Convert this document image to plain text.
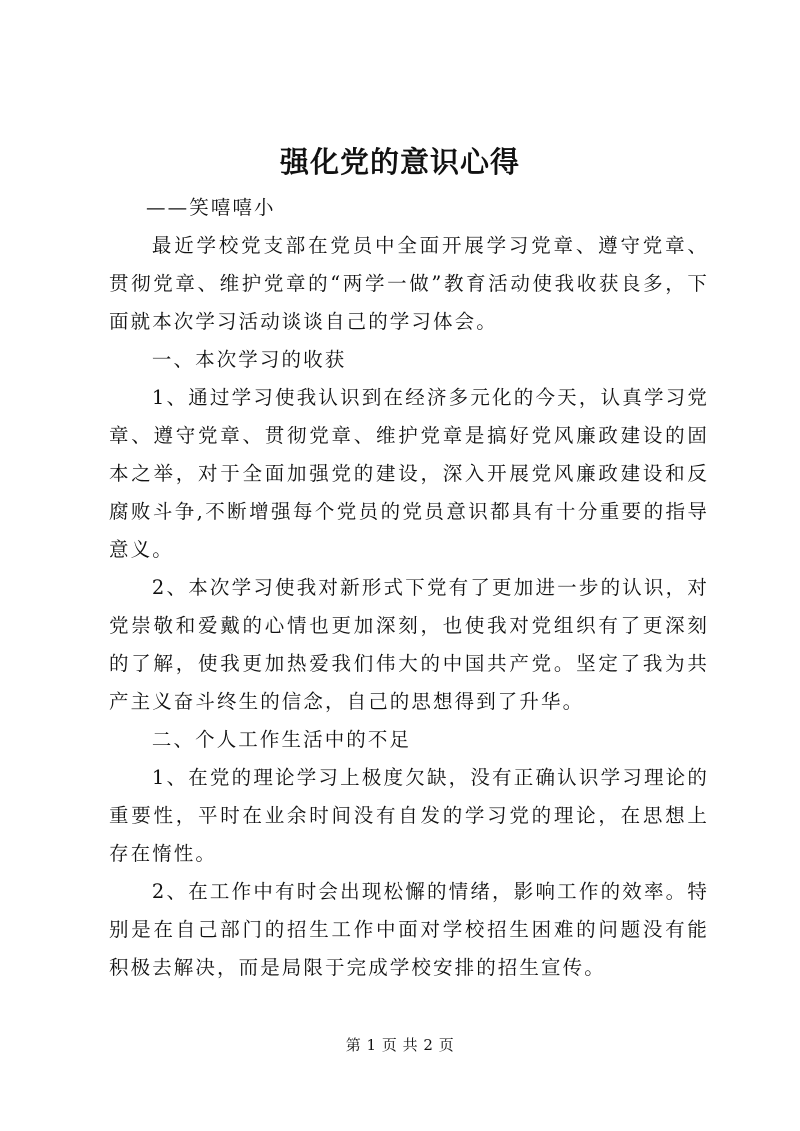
强化党的意识心得

——笑嘻嘻小

最近学校党支部在党员中全面开展学习党章、遵守党章、贯彻党章、维护党章的“两学一做”教育活动使我收获良多，下面就本次学习活动谈谈自己的学习体会。

一、本次学习的收获

1、通过学习使我认识到在经济多元化的今天，认真学习党章、遵守党章、贯彻党章、维护党章是搞好党风廉政建设的固本之举，对于全面加强党的建设，深入开展党风廉政建设和反腐败斗争,不断增强每个党员的党员意识都具有十分重要的指导意义。

2、本次学习使我对新形式下党有了更加进一步的认识，对党崇敬和爱戴的心情也更加深刻，也使我对党组织有了更深刻的了解，使我更加热爱我们伟大的中国共产党。坚定了我为共产主义奋斗终生的信念，自己的思想得到了升华。

二、个人工作生活中的不足

1、在党的理论学习上极度欠缺，没有正确认识学习理论的重要性，平时在业余时间没有自发的学习党的理论，在思想上存在惰性。

2、在工作中有时会出现松懈的情绪，影响工作的效率。特别是在自己部门的招生工作中面对学校招生困难的问题没有能积极去解决，而是局限于完成学校安排的招生宣传。

第 1 页 共 2 页
